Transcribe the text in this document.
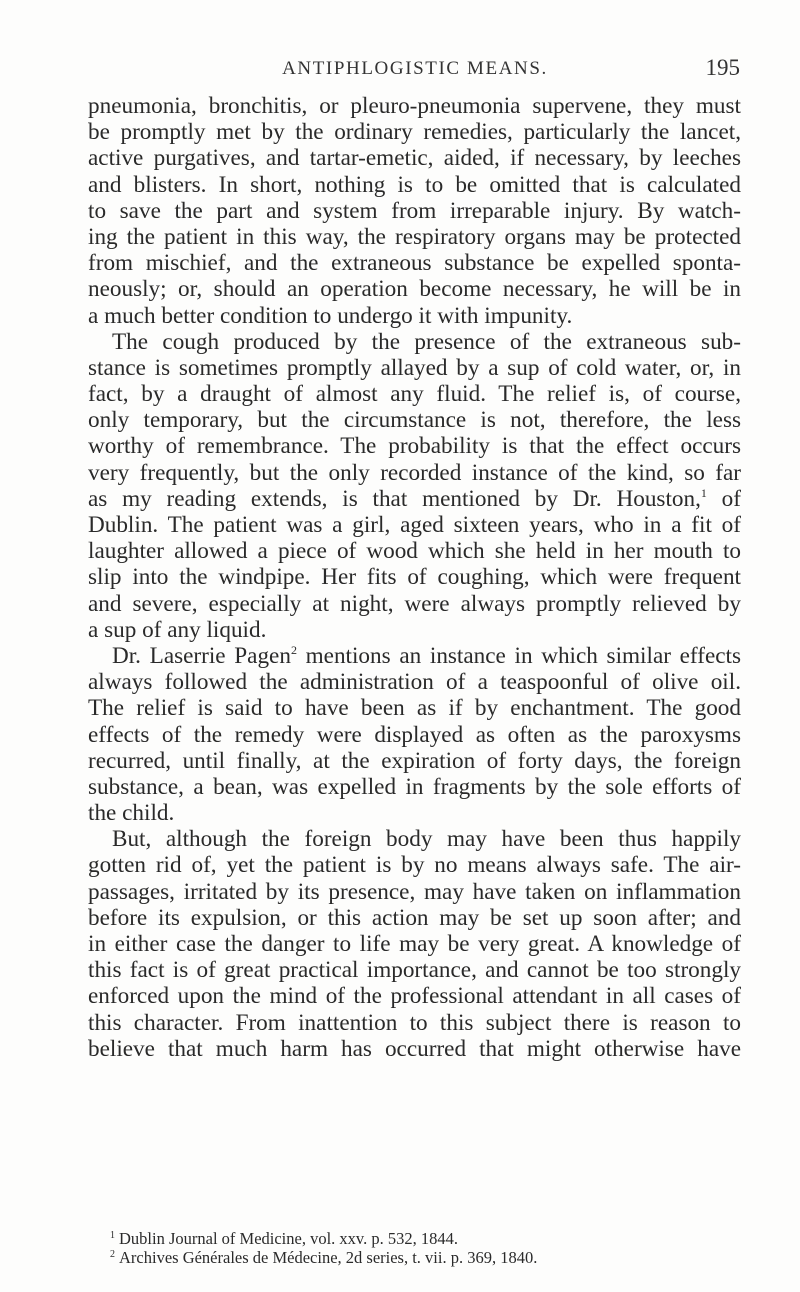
ANTIPHLOGISTIC MEANS.	195
pneumonia, bronchitis, or pleuro-pneumonia supervene, they must
be promptly met by the ordinary remedies, particularly the lancet,
active purgatives, and tartar-emetic, aided, if necessary, by leeches
and blisters. In short, nothing is to be omitted that is calculated
to save the part and system from irreparable injury. By watch-
ing the patient in this way, the respiratory organs may be protected
from mischief, and the extraneous substance be expelled sponta-
neously; or, should an operation become necessary, he will be in
a much better condition to undergo it with impunity.
The cough produced by the presence of the extraneous sub-
stance is sometimes promptly allayed by a sup of cold water, or, in
fact, by a draught of almost any fluid. The relief is, of course,
only temporary, but the circumstance is not, therefore, the less
worthy of remembrance. The probability is that the effect occurs
very frequently, but the only recorded instance of the kind, so far
as my reading extends, is that mentioned by Dr. Houston,$^1$ of
Dublin. The patient was a girl, aged sixteen years, who in a fit of
laughter allowed a piece of wood which she held in her mouth to
slip into the windpipe. Her fits of coughing, which were frequent
and severe, especially at night, were always promptly relieved by
a sup of any liquid.
Dr. Laserrie Pagen$^2$ mentions an instance in which similar effects
always followed the administration of a teaspoonful of olive oil.
The relief is said to have been as if by enchantment. The good
effects of the remedy were displayed as often as the paroxysms
recurred, until finally, at the expiration of forty days, the foreign
substance, a bean, was expelled in fragments by the sole efforts of
the child.
But, although the foreign body may have been thus happily
gotten rid of, yet the patient is by no means always safe. The air-
passages, irritated by its presence, may have taken on inflammation
before its expulsion, or this action may be set up soon after; and
in either case the danger to life may be very great. A knowledge of
this fact is of great practical importance, and cannot be too strongly
enforced upon the mind of the professional attendant in all cases of
this character. From inattention to this subject there is reason to
believe that much harm has occurred that might otherwise have
$^1$ Dublin Journal of Medicine, vol. xxv. p. 532, 1844.
$^2$ Archives Générales de Médecine, 2d series, t. vii. p. 369, 1840.
